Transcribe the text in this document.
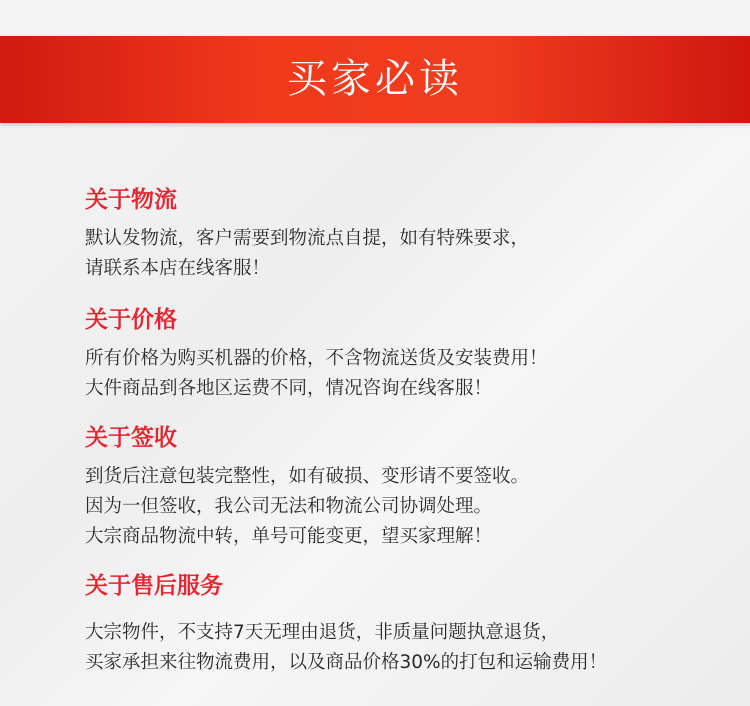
买家必读
关于物流
默认发物流，客户需要到物流点自提，如有特殊要求，
请联系本店在线客服！
关于价格
所有价格为购买机器的价格，不含物流送货及安装费用！
大件商品到各地区运费不同，情况咨询在线客服！
关于签收
到货后注意包装完整性，如有破损、变形请不要签收。
因为一但签收，我公司无法和物流公司协调处理。
大宗商品物流中转，单号可能变更，望买家理解！
关于售后服务
大宗物件，不支持7天无理由退货，非质量问题执意退货，
买家承担来往物流费用，以及商品价格30%的打包和运输费用！
